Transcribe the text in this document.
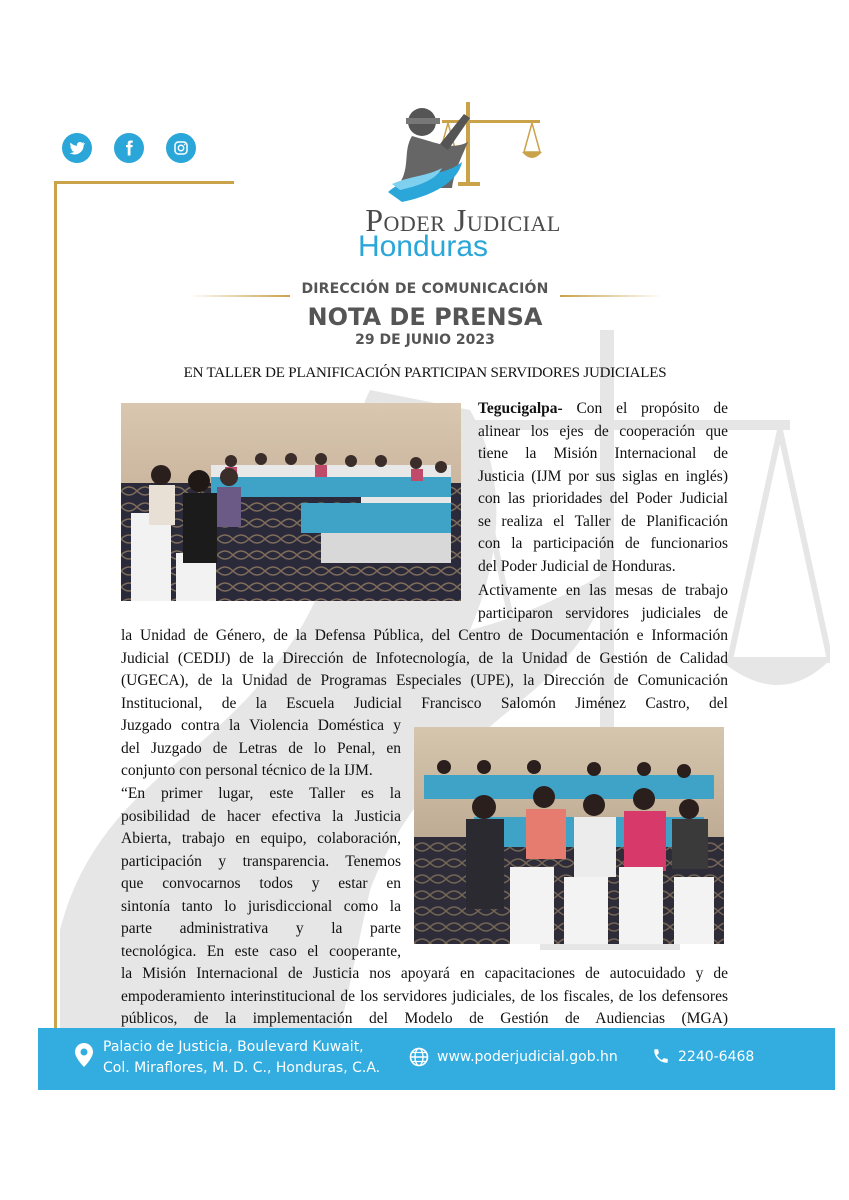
Poder Judicial
Honduras
DIRECCIÓN DE COMUNICACIÓN
NOTA DE PRENSA
29 DE JUNIO 2023
EN TALLER DE PLANIFICACIÓN PARTICIPAN SERVIDORES JUDICIALES

Tegucigalpa- Con el propósito de

alinear los ejes de cooperación que

tiene la Misión Internacional de

Justicia (IJM por sus siglas en inglés)

con las prioridades del Poder Judicial

se realiza el Taller de Planificación

con la participación de funcionarios

del Poder Judicial de Honduras.

Activamente en las mesas de trabajo

participaron servidores judiciales de

la Unidad de Género, de la Defensa Pública, del Centro de Documentación e Información Judicial (CEDIJ) de la Dirección de Infotecnología, de la Unidad de Gestión de Calidad (UGECA), de la Unidad de Programas Especiales (UPE), la Dirección de Comunicación Institucional, de la Escuela Judicial Francisco Salomón Jiménez Castro, del

Juzgado contra la Violencia Doméstica y

del Juzgado de Letras de lo Penal, en

conjunto con personal técnico de la IJM.

“En primer lugar, este Taller es la

posibilidad de hacer efectiva la Justicia

Abierta, trabajo en equipo, colaboración,

participación y transparencia. Tenemos

que convocarnos todos y estar en

sintonía tanto lo jurisdiccional como la

parte administrativa y la parte

tecnológica. En este caso el cooperante,

la Misión Internacional de Justicia nos apoyará en capacitaciones de autocuidado y de empoderamiento interinstitucional de los servidores judiciales, de los fiscales, de los defensores públicos, de la implementación del Modelo de Gestión de Audiencias (MGA)

Palacio de Justicia, Boulevard Kuwait,
Col. Miraflores, M. D. C., Honduras, C.A.
www.poderjudicial.gob.hn	2240-6468
